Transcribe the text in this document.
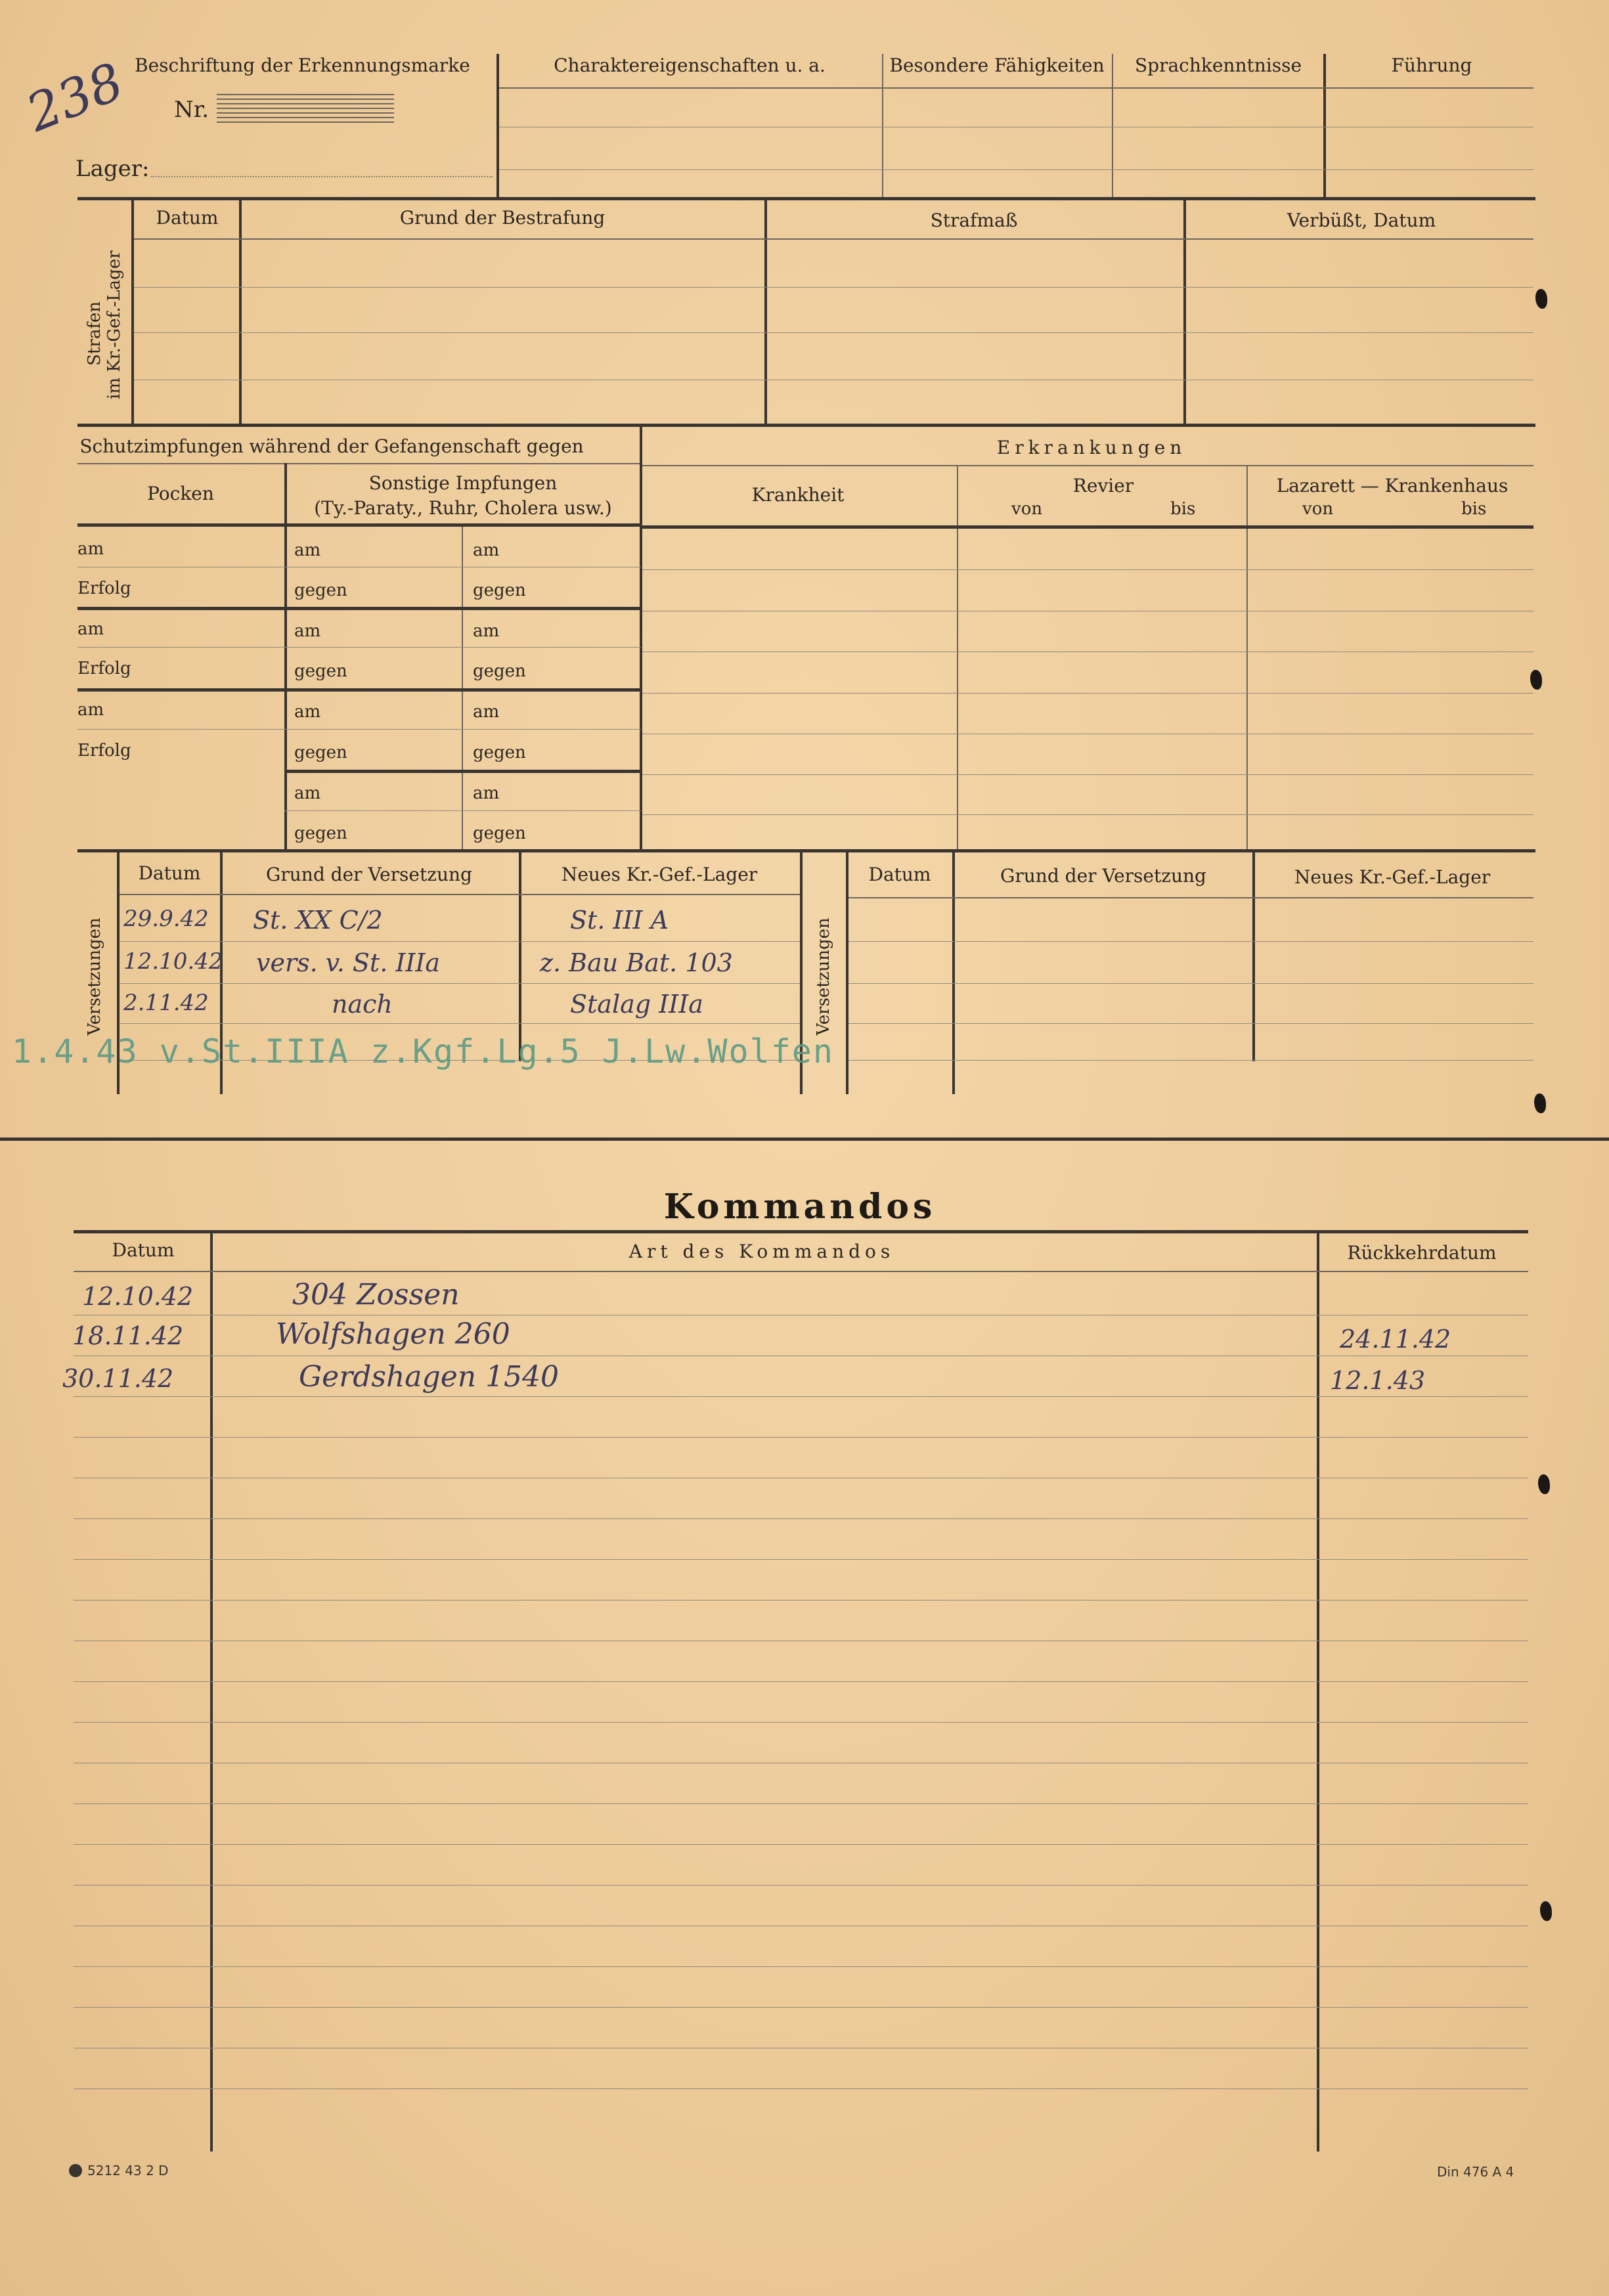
238 Beschriftung der Erkennungsmarke
Nr.
Lager:
Charaktereigenschaften u. a.	Besondere Fähigkeiten Sprachkenntnisse	Führung
Strafen
im Kr.-Gef.-Lager
Datum	Grund der Bestrafung	Strafmaß	Verbüßt, Datum
Schutzimpfungen während der Gefangenschaft gegen
Pocken	Sonstige Impfungen
(Ty.-Paraty., Ruhr, Cholera usw.)
am	am	am
Erfolg	gegen	gegen
am	am	am
Erfolg	gegen	gegen
am	am	am
Erfolg	gegen	gegen
am	am
gegen	gegen
Erkrankungen
Krankheit	Revier
von	bis
Lazarett — Krankenhaus
von	bis
Versetzungen	Versetzungen
Datum	Grund der Versetzung	Neues Kr.-Gef.-Lager	Datum	Grund der Versetzung	Neues Kr.-Gef.-Lager
29.9.42 St. XX C/2	St. III A
12.10.42 vers. v. St. IIIa	z. Bau Bat. 103
2.11.42	nach	Stalag IIIa
1.4.43 v.St.IIIA z.Kgf.Lg.5 J.Lw.Wolfen
Kommandos
Datum	Art des Kommandos	Rückkehrdatum
12.10.42	304 Zossen
18.11.42	Wolfshagen 260	24.11.42
30.11.42	Gerdshagen 1540	12.1.43
5212 43 2 D	Din 476 A 4
